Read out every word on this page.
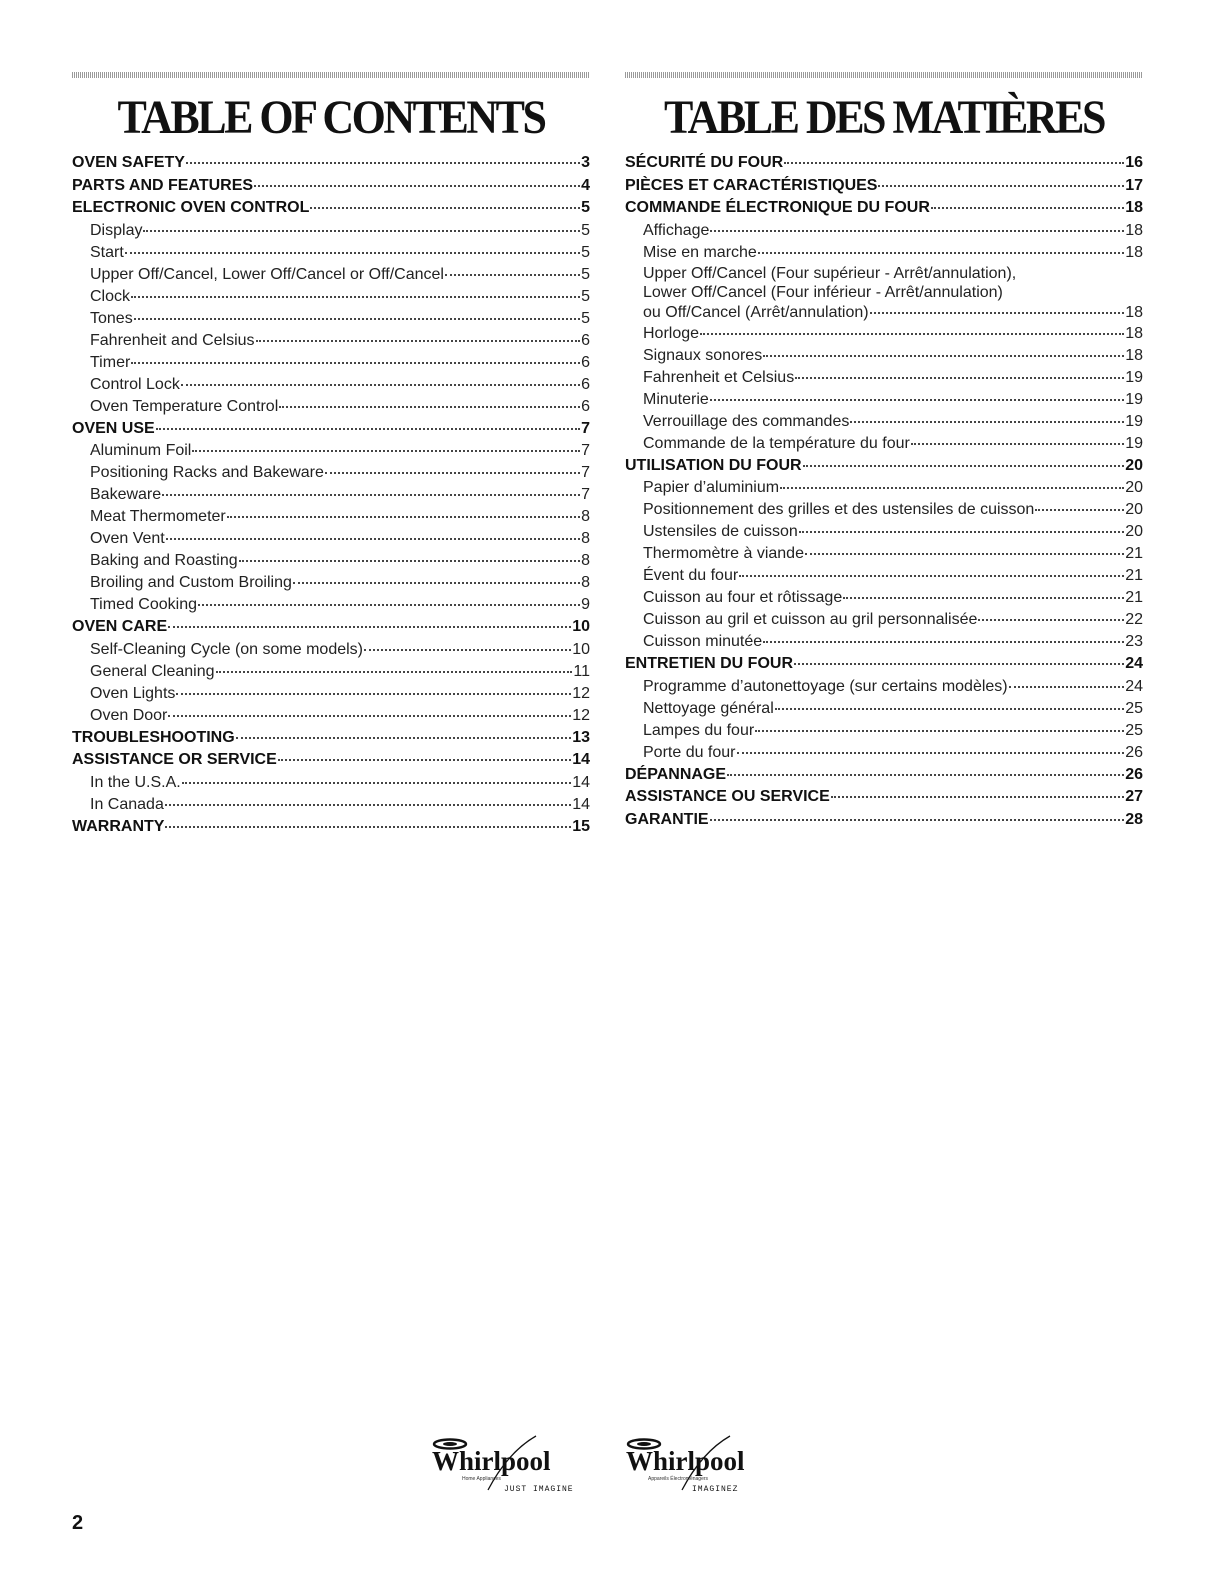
TABLE OF CONTENTS
OVEN SAFETY	3
PARTS AND FEATURES	4
ELECTRONIC OVEN CONTROL	5
Display	5
Start	5
Upper Off/Cancel, Lower Off/Cancel or Off/Cancel	5
Clock	5
Tones	5
Fahrenheit and Celsius	6
Timer	6
Control Lock	6
Oven Temperature Control	6
OVEN USE	7
Aluminum Foil	7
Positioning Racks and Bakeware	7
Bakeware	7
Meat Thermometer	8
Oven Vent	8
Baking and Roasting	8
Broiling and Custom Broiling	8
Timed Cooking	9
OVEN CARE	10
Self-Cleaning Cycle (on some models)	10
General Cleaning	11
Oven Lights	12
Oven Door	12
TROUBLESHOOTING	13
ASSISTANCE OR SERVICE	14
In the U.S.A.	14
In Canada	14
WARRANTY	15
TABLE DES MATIÈRES
SÉCURITÉ DU FOUR	16
PIÈCES ET CARACTÉRISTIQUES	17
COMMANDE ÉLECTRONIQUE DU FOUR	18
Affichage	18
Mise en marche	18
Upper Off/Cancel (Four supérieur - Arrêt/annulation),
Lower Off/Cancel (Four inférieur - Arrêt/annulation)
ou Off/Cancel (Arrêt/annulation)	18
Horloge	18
Signaux sonores	18
Fahrenheit et Celsius	19
Minuterie	19
Verrouillage des commandes	19
Commande de la température du four	19
UTILISATION DU FOUR	20
Papier d’aluminium	20
Positionnement des grilles et des ustensiles de cuisson	20
Ustensiles de cuisson	20
Thermomètre à viande	21
Évent du four	21
Cuisson au four et rôtissage	21
Cuisson au gril et cuisson au gril personnalisée	22
Cuisson minutée	23
ENTRETIEN DU FOUR	24
Programme d’autonettoyage (sur certains modèles)	24
Nettoyage général	25
Lampes du four	25
Porte du four	26
DÉPANNAGE	26
ASSISTANCE OU SERVICE	27
GARANTIE	28
Whirlpool
Home Appliances
JUST IMAGINE
Whirlpool
Appareils Électroménagers
IMAGINEZ
2
